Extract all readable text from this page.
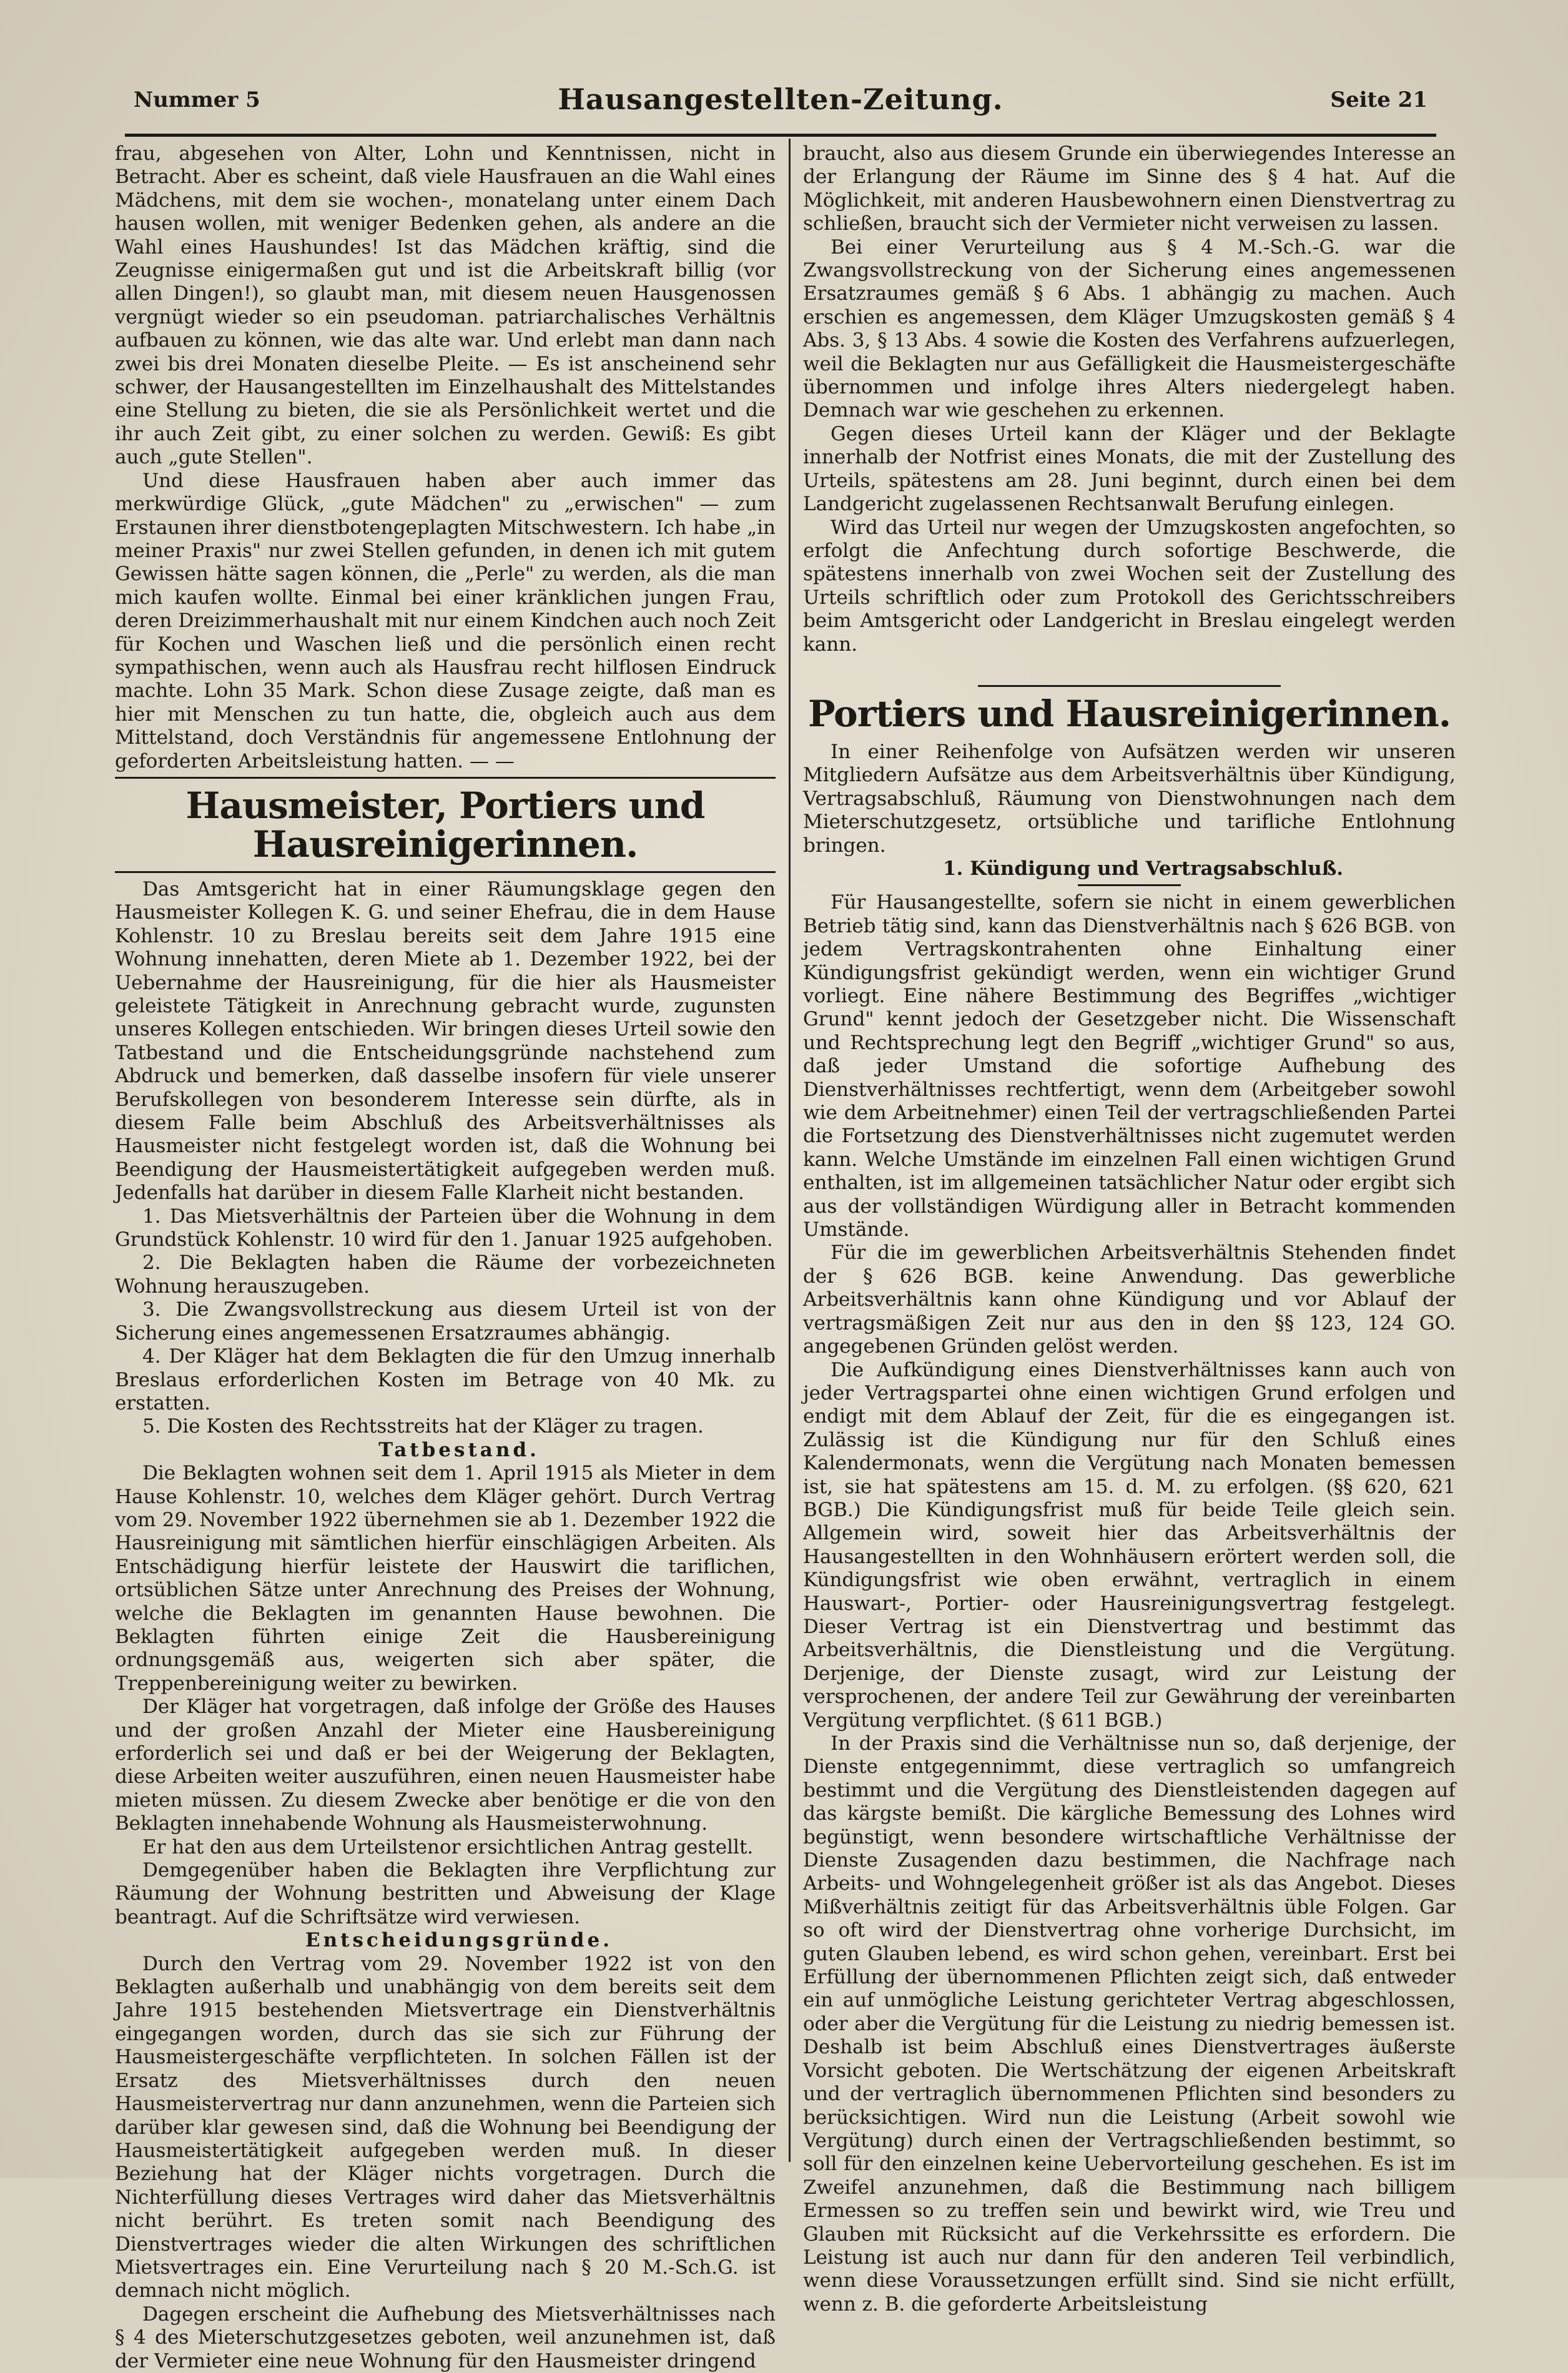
Nummer 5	Hausangestellten-Zeitung.	Seite 21

frau, abgesehen von Alter, Lohn und Kenntnissen, nicht in Betracht. Aber es scheint, daß viele Hausfrauen an die Wahl eines Mädchens, mit dem sie wochen-, monatelang unter einem Dach hausen wollen, mit weniger Bedenken gehen, als andere an die Wahl eines Haushundes! Ist das Mädchen kräftig, sind die Zeugnisse einigermaßen gut und ist die Arbeitskraft billig (vor allen Dingen!), so glaubt man, mit diesem neuen Hausgenossen vergnügt wieder so ein pseudoman. patriarchalisches Verhältnis aufbauen zu können, wie das alte war. Und erlebt man dann nach zwei bis drei Monaten dieselbe Pleite. — Es ist anscheinend sehr schwer, der Hausangestellten im Einzelhaushalt des Mittelstandes eine Stellung zu bieten, die sie als Persönlichkeit wertet und die ihr auch Zeit gibt, zu einer solchen zu werden. Gewiß: Es gibt auch „gute Stellen".

Und diese Hausfrauen haben aber auch immer das merkwürdige Glück, „gute Mädchen" zu „erwischen" — zum Erstaunen ihrer dienstbotengeplagten Mitschwestern. Ich habe „in meiner Praxis" nur zwei Stellen gefunden, in denen ich mit gutem Gewissen hätte sagen können, die „Perle" zu werden, als die man mich kaufen wollte. Einmal bei einer kränklichen jungen Frau, deren Dreizimmerhaushalt mit nur einem Kindchen auch noch Zeit für Kochen und Waschen ließ und die persönlich einen recht sympathischen, wenn auch als Hausfrau recht hilflosen Eindruck machte. Lohn 35 Mark. Schon diese Zusage zeigte, daß man es hier mit Menschen zu tun hatte, die, obgleich auch aus dem Mittelstand, doch Verständnis für angemessene Entlohnung der geforderten Arbeitsleistung hatten. — —

Hausmeister, Portiers und Hausreinigerinnen.

Das Amtsgericht hat in einer Räumungsklage gegen den Hausmeister Kollegen K. G. und seiner Ehefrau, die in dem Hause Kohlenstr. 10 zu Breslau bereits seit dem Jahre 1915 eine Wohnung innehatten, deren Miete ab 1. Dezember 1922, bei der Uebernahme der Hausreinigung, für die hier als Hausmeister geleistete Tätigkeit in Anrechnung gebracht wurde, zugunsten unseres Kollegen entschieden. Wir bringen dieses Urteil sowie den Tatbestand und die Entscheidungsgründe nachstehend zum Abdruck und bemerken, daß dasselbe insofern für viele unserer Berufskollegen von besonderem Interesse sein dürfte, als in diesem Falle beim Abschluß des Arbeitsverhältnisses als Hausmeister nicht festgelegt worden ist, daß die Wohnung bei Beendigung der Hausmeistertätigkeit aufgegeben werden muß. Jedenfalls hat darüber in diesem Falle Klarheit nicht bestanden.

1. Das Mietsverhältnis der Parteien über die Wohnung in dem Grundstück Kohlenstr. 10 wird für den 1. Januar 1925 aufgehoben.

2. Die Beklagten haben die Räume der vorbezeichneten Wohnung herauszugeben.

3. Die Zwangsvollstreckung aus diesem Urteil ist von der Sicherung eines angemessenen Ersatzraumes abhängig.

4. Der Kläger hat dem Beklagten die für den Umzug innerhalb Breslaus erforderlichen Kosten im Betrage von 40 Mk. zu erstatten.

5. Die Kosten des Rechtsstreits hat der Kläger zu tragen.

Tatbestand.

Die Beklagten wohnen seit dem 1. April 1915 als Mieter in dem Hause Kohlenstr. 10, welches dem Kläger gehört. Durch Vertrag vom 29. November 1922 übernehmen sie ab 1. Dezember 1922 die Hausreinigung mit sämtlichen hierfür einschlägigen Arbeiten. Als Entschädigung hierfür leistete der Hauswirt die tariflichen, ortsüblichen Sätze unter Anrechnung des Preises der Wohnung, welche die Beklagten im genannten Hause bewohnen. Die Beklagten führten einige Zeit die Hausbereinigung ordnungsgemäß aus, weigerten sich aber später, die Treppenbereinigung weiter zu bewirken.

Der Kläger hat vorgetragen, daß infolge der Größe des Hauses und der großen Anzahl der Mieter eine Hausbereinigung erforderlich sei und daß er bei der Weigerung der Beklagten, diese Arbeiten weiter auszuführen, einen neuen Hausmeister habe mieten müssen. Zu diesem Zwecke aber benötige er die von den Beklagten innehabende Wohnung als Hausmeisterwohnung.

Er hat den aus dem Urteilstenor ersichtlichen Antrag gestellt.

Demgegenüber haben die Beklagten ihre Verpflichtung zur Räumung der Wohnung bestritten und Abweisung der Klage beantragt. Auf die Schriftsätze wird verwiesen.

Entscheidungsgründe.

Durch den Vertrag vom 29. November 1922 ist von den Beklagten außerhalb und unabhängig von dem bereits seit dem Jahre 1915 bestehenden Mietsvertrage ein Dienstverhältnis eingegangen worden, durch das sie sich zur Führung der Hausmeistergeschäfte verpflichteten. In solchen Fällen ist der Ersatz des Mietsverhältnisses durch den neuen Hausmeistervertrag nur dann anzunehmen, wenn die Parteien sich darüber klar gewesen sind, daß die Wohnung bei Beendigung der Hausmeistertätigkeit aufgegeben werden muß. In dieser Beziehung hat der Kläger nichts vorgetragen. Durch die Nichterfüllung dieses Vertrages wird daher das Mietsverhältnis nicht berührt. Es treten somit nach Beendigung des Dienstvertrages wieder die alten Wirkungen des schriftlichen Mietsvertrages ein. Eine Verurteilung nach § 20 M.-Sch.G. ist demnach nicht möglich.

Dagegen erscheint die Aufhebung des Mietsverhältnisses nach § 4 des Mieterschutzgesetzes geboten, weil anzunehmen ist, daß der Vermieter eine neue Wohnung für den Hausmeister dringend

braucht, also aus diesem Grunde ein überwiegendes Interesse an der Erlangung der Räume im Sinne des § 4 hat. Auf die Möglichkeit, mit anderen Hausbewohnern einen Dienstvertrag zu schließen, braucht sich der Vermieter nicht verweisen zu lassen.

Bei einer Verurteilung aus § 4 M.-Sch.-G. war die Zwangsvollstreckung von der Sicherung eines angemessenen Ersatzraumes gemäß § 6 Abs. 1 abhängig zu machen. Auch erschien es angemessen, dem Kläger Umzugskosten gemäß § 4 Abs. 3, § 13 Abs. 4 sowie die Kosten des Verfahrens aufzuerlegen, weil die Beklagten nur aus Gefälligkeit die Hausmeistergeschäfte übernommen und infolge ihres Alters niedergelegt haben. Demnach war wie geschehen zu erkennen.

Gegen dieses Urteil kann der Kläger und der Beklagte innerhalb der Notfrist eines Monats, die mit der Zustellung des Urteils, spätestens am 28. Juni beginnt, durch einen bei dem Landgericht zugelassenen Rechtsanwalt Berufung einlegen.

Wird das Urteil nur wegen der Umzugskosten angefochten, so erfolgt die Anfechtung durch sofortige Beschwerde, die spätestens innerhalb von zwei Wochen seit der Zustellung des Urteils schriftlich oder zum Protokoll des Gerichtsschreibers beim Amtsgericht oder Landgericht in Breslau eingelegt werden kann.

Portiers und Hausreinigerinnen.

In einer Reihenfolge von Aufsätzen werden wir unseren Mitgliedern Aufsätze aus dem Arbeitsverhältnis über Kündigung, Vertragsabschluß, Räumung von Dienstwohnungen nach dem Mieterschutzgesetz, ortsübliche und tarifliche Entlohnung bringen.

1. Kündigung und Vertragsabschluß.

Für Hausangestellte, sofern sie nicht in einem gewerblichen Betrieb tätig sind, kann das Dienstverhältnis nach § 626 BGB. von jedem Vertragskontrahenten ohne Einhaltung einer Kündigungsfrist gekündigt werden, wenn ein wichtiger Grund vorliegt. Eine nähere Bestimmung des Begriffes „wichtiger Grund" kennt jedoch der Gesetzgeber nicht. Die Wissenschaft und Rechtsprechung legt den Begriff „wichtiger Grund" so aus, daß jeder Umstand die sofortige Aufhebung des Dienstverhältnisses rechtfertigt, wenn dem (Arbeitgeber sowohl wie dem Arbeitnehmer) einen Teil der vertragschließenden Partei die Fortsetzung des Dienstverhältnisses nicht zugemutet werden kann. Welche Umstände im einzelnen Fall einen wichtigen Grund enthalten, ist im allgemeinen tatsächlicher Natur oder ergibt sich aus der vollständigen Würdigung aller in Betracht kommenden Umstände.

Für die im gewerblichen Arbeitsverhältnis Stehenden findet der § 626 BGB. keine Anwendung. Das gewerbliche Arbeitsverhältnis kann ohne Kündigung und vor Ablauf der vertragsmäßigen Zeit nur aus den in den §§ 123, 124 GO. angegebenen Gründen gelöst werden.

Die Aufkündigung eines Dienstverhältnisses kann auch von jeder Vertragspartei ohne einen wichtigen Grund erfolgen und endigt mit dem Ablauf der Zeit, für die es eingegangen ist. Zulässig ist die Kündigung nur für den Schluß eines Kalendermonats, wenn die Vergütung nach Monaten bemessen ist, sie hat spätestens am 15. d. M. zu erfolgen. (§§ 620, 621 BGB.) Die Kündigungsfrist muß für beide Teile gleich sein. Allgemein wird, soweit hier das Arbeitsverhältnis der Hausangestellten in den Wohnhäusern erörtert werden soll, die Kündigungsfrist wie oben erwähnt, vertraglich in einem Hauswart-, Portier- oder Hausreinigungsvertrag festgelegt. Dieser Vertrag ist ein Dienstvertrag und bestimmt das Arbeitsverhältnis, die Dienstleistung und die Vergütung. Derjenige, der Dienste zusagt, wird zur Leistung der versprochenen, der andere Teil zur Gewährung der vereinbarten Vergütung verpflichtet. (§ 611 BGB.)

In der Praxis sind die Verhältnisse nun so, daß derjenige, der Dienste entgegennimmt, diese vertraglich so umfangreich bestimmt und die Vergütung des Dienstleistenden dagegen auf das kärgste bemißt. Die kärgliche Bemessung des Lohnes wird begünstigt, wenn besondere wirtschaftliche Verhältnisse der Dienste Zusagenden dazu bestimmen, die Nachfrage nach Arbeits- und Wohngelegenheit größer ist als das Angebot. Dieses Mißverhältnis zeitigt für das Arbeitsverhältnis üble Folgen. Gar so oft wird der Dienstvertrag ohne vorherige Durchsicht, im guten Glauben lebend, es wird schon gehen, vereinbart. Erst bei Erfüllung der übernommenen Pflichten zeigt sich, daß entweder ein auf unmögliche Leistung gerichteter Vertrag abgeschlossen, oder aber die Vergütung für die Leistung zu niedrig bemessen ist. Deshalb ist beim Abschluß eines Dienstvertrages äußerste Vorsicht geboten. Die Wertschätzung der eigenen Arbeitskraft und der vertraglich übernommenen Pflichten sind besonders zu berücksichtigen. Wird nun die Leistung (Arbeit sowohl wie Vergütung) durch einen der Vertragschließenden bestimmt, so soll für den einzelnen keine Uebervorteilung geschehen. Es ist im Zweifel anzunehmen, daß die Bestimmung nach billigem Ermessen so zu treffen sein und bewirkt wird, wie Treu und Glauben mit Rücksicht auf die Verkehrssitte es erfordern. Die Leistung ist auch nur dann für den anderen Teil verbindlich, wenn diese Voraussetzungen erfüllt sind. Sind sie nicht erfüllt, wenn z. B. die geforderte Arbeitsleistung
